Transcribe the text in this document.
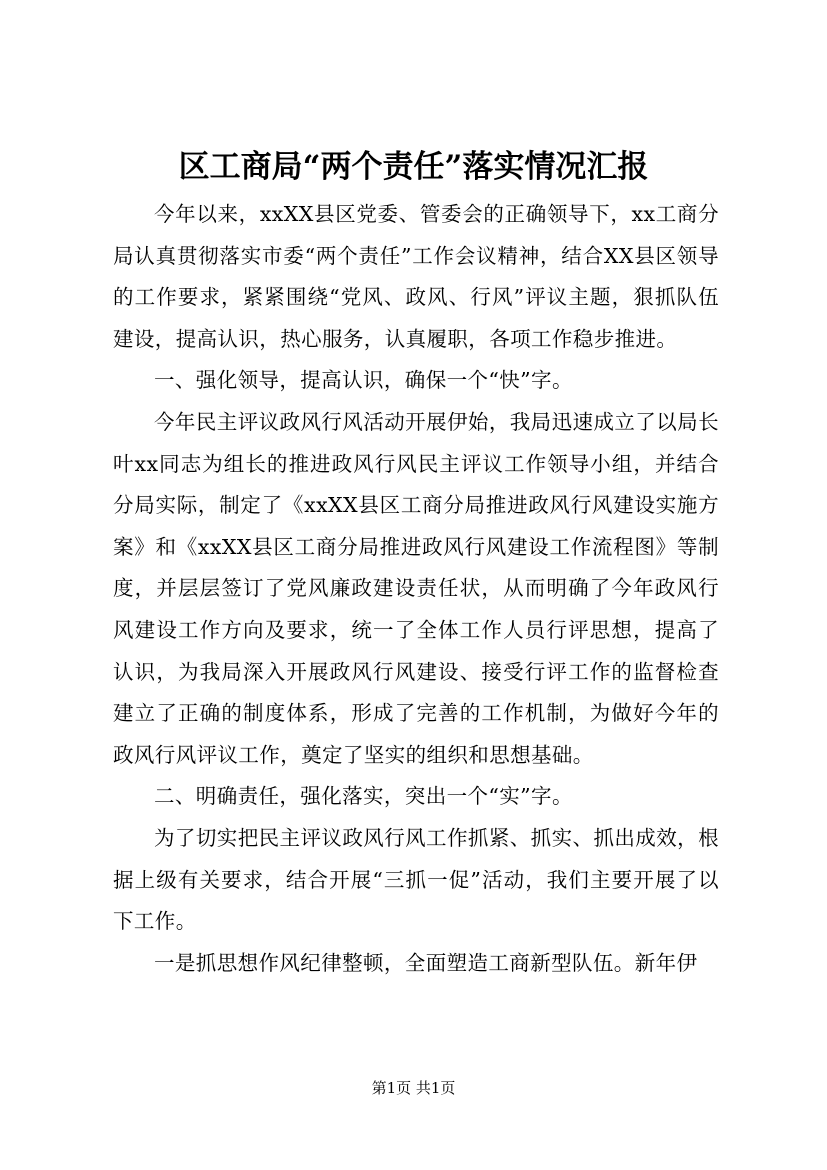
区工商局“两个责任”落实情况汇报

今年以来，xxXX县区党委、管委会的正确领导下，xx工商分局认真贯彻落实市委“两个责任”工作会议精神，结合XX县区领导的工作要求，紧紧围绕“党风、政风、行风”评议主题，狠抓队伍建设，提高认识，热心服务，认真履职，各项工作稳步推进。

一、强化领导，提高认识，确保一个“快”字。

今年民主评议政风行风活动开展伊始，我局迅速成立了以局长叶xx同志为组长的推进政风行风民主评议工作领导小组，并结合分局实际，制定了《xxXX县区工商分局推进政风行风建设实施方案》和《xxXX县区工商分局推进政风行风建设工作流程图》等制度，并层层签订了党风廉政建设责任状，从而明确了今年政风行风建设工作方向及要求，统一了全体工作人员行评思想，提高了认识，为我局深入开展政风行风建设、接受行评工作的监督检查建立了正确的制度体系，形成了完善的工作机制，为做好今年的政风行风评议工作，奠定了坚实的组织和思想基础。

二、明确责任，强化落实，突出一个“实”字。

为了切实把民主评议政风行风工作抓紧、抓实、抓出成效，根据上级有关要求，结合开展“三抓一促”活动，我们主要开展了以下工作。

一是抓思想作风纪律整顿，全面塑造工商新型队伍。新年伊

第1页 共1页
